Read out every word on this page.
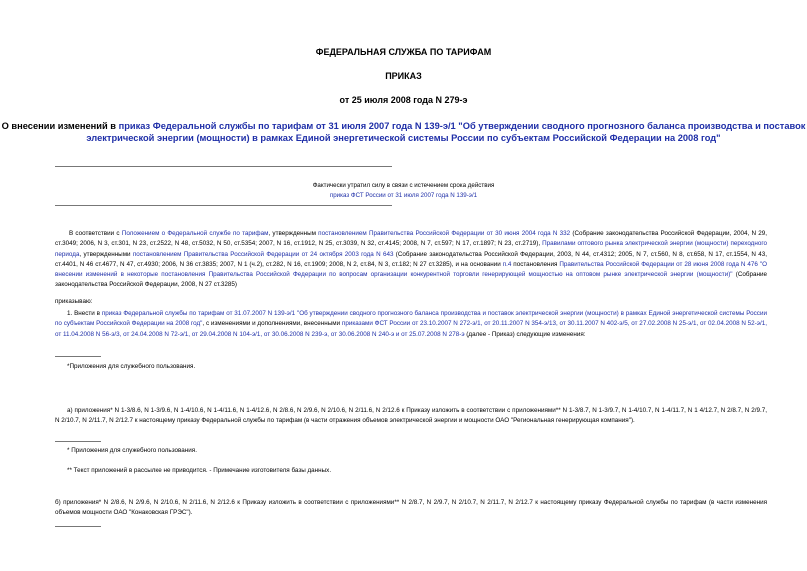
ФЕДЕРАЛЬНАЯ СЛУЖБА ПО ТАРИФАМ
ПРИКАЗ
от 25 июля 2008 года N 279-э
О внесении изменений в приказ Федеральной службы по тарифам от 31 июля 2007 года N 139-э/1 "Об утверждении сводного прогнозного баланса производства и поставок электрической энергии (мощности) в рамках Единой энергетической системы России по субъектам Российской Федерации на 2008 год"
Фактически утратил силу в связи с истечением срока действия
приказ ФСТ России от 31 июля 2007 года N 139-э/1
В соответствии с Положением о Федеральной службе по тарифам, утвержденным постановлением Правительства Российской Федерации от 30 июня 2004 года N 332 (Собрание законодательства Российской Федерации, 2004, N 29, ст.3049; 2006, N 3, ст.301, N 23, ст.2522, N 48, ст.5032, N 50, ст.5354; 2007, N 16, ст.1912, N 25, ст.3039, N 32, ст.4145; 2008, N 7, ст.597; N 17, ст.1897; N 23, ст.2719), Правилами оптового рынка электрической энергии (мощности) переходного периода, утвержденными постановлением Правительства Российской Федерации от 24 октября 2003 года N 643 (Собрание законодательства Российской Федерации, 2003, N 44, ст.4312; 2005, N 7, ст.560, N 8, ст.658, N 17, ст.1554, N 43, ст.4401, N 46 ст.4677, N 47, ст.4930; 2006, N 36 ст.3835; 2007, N 1 (ч.2), ст.282, N 16, ст.1909; 2008, N 2, ст.84, N 3, ст.182; N 27 ст.3285), и на основании п.4 постановления Правительства Российской Федерации от 28 июня 2008 года N 476 "О внесении изменений в некоторые постановления Правительства Российской Федерации по вопросам организации конкурентной торговли генерирующей мощностью на оптовом рынке электрической энергии (мощности)" (Собрание законодательства Российской Федерации, 2008, N 27 ст.3285)
приказываю:
1. Внести в приказ Федеральной службы по тарифам от 31.07.2007 N 139-э/1 "Об утверждении сводного прогнозного баланса производства и поставок электрической энергии (мощности) в рамках Единой энергетической системы России по субъектам Российской Федерации на 2008 год", с изменениями и дополнениями, внесенными приказами ФСТ России от 23.10.2007 N 272-э/1, от 20.11.2007 N 354-э/13, от 30.11.2007 N 402-э/5, от 27.02.2008 N 25-э/1, от 02.04.2008 N 52-э/1, от 11.04.2008 N 56-э/3, от 24.04.2008 N 72-э/1, от 29.04.2008 N 104-э/1, от 30.06.2008 N 239-э, от 30.06.2008 N 240-э и от 25.07.2008 N 278-э (далее - Приказ) следующие изменения:
*Приложения для служебного пользования.
а) приложения* N 1-3/8.6, N 1-3/9.6, N 1-4/10.6, N 1-4/11.6, N 1-4/12.6, N 2/8.6, N 2/9.6, N 2/10.6, N 2/11.6, N 2/12.6 к Приказу изложить в соответствии с приложениями** N 1-3/8.7, N 1-3/9.7, N 1-4/10.7, N 1-4/11.7, N 1 4/12.7, N 2/8.7, N 2/9.7, N 2/10.7, N 2/11.7, N 2/12.7 к настоящему приказу Федеральной службы по тарифам (в части отражения объемов электрической энергии и мощности ОАО "Региональная генерирующая компания").
* Приложения для служебного пользования.
** Текст приложений в рассылке не приводится. - Примечание изготовителя базы данных.
б) приложения* N 2/8.6, N 2/9.6, N 2/10.6, N 2/11.6, N 2/12.6 к Приказу изложить в соответствии с приложениями** N 2/8.7, N 2/9.7, N 2/10.7, N 2/11.7, N 2/12.7 к настоящему приказу Федеральной службы по тарифам (в части изменения объемов мощности ОАО "Конаковская ГРЭС").
